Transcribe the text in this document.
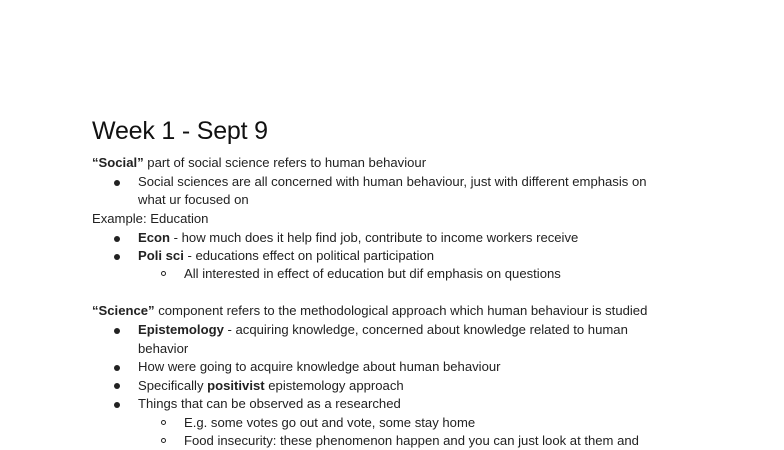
Week 1 - Sept 9
“Social” part of social science refers to human behaviour
Social sciences are all concerned with human behaviour, just with different emphasis on
what ur focused on
Example: Education
Econ - how much does it help find job, contribute to income workers receive
Poli sci - educations effect on political participation
All interested in effect of education but dif emphasis on questions
“Science” component refers to the methodological approach which human behaviour is studied
Epistemology - acquiring knowledge, concerned about knowledge related to human
behavior
How were going to acquire knowledge about human behaviour
Specifically positivist epistemology approach
Things that can be observed as a researched
E.g. some votes go out and vote, some stay home
Food insecurity: these phenomenon happen and you can just look at them and
